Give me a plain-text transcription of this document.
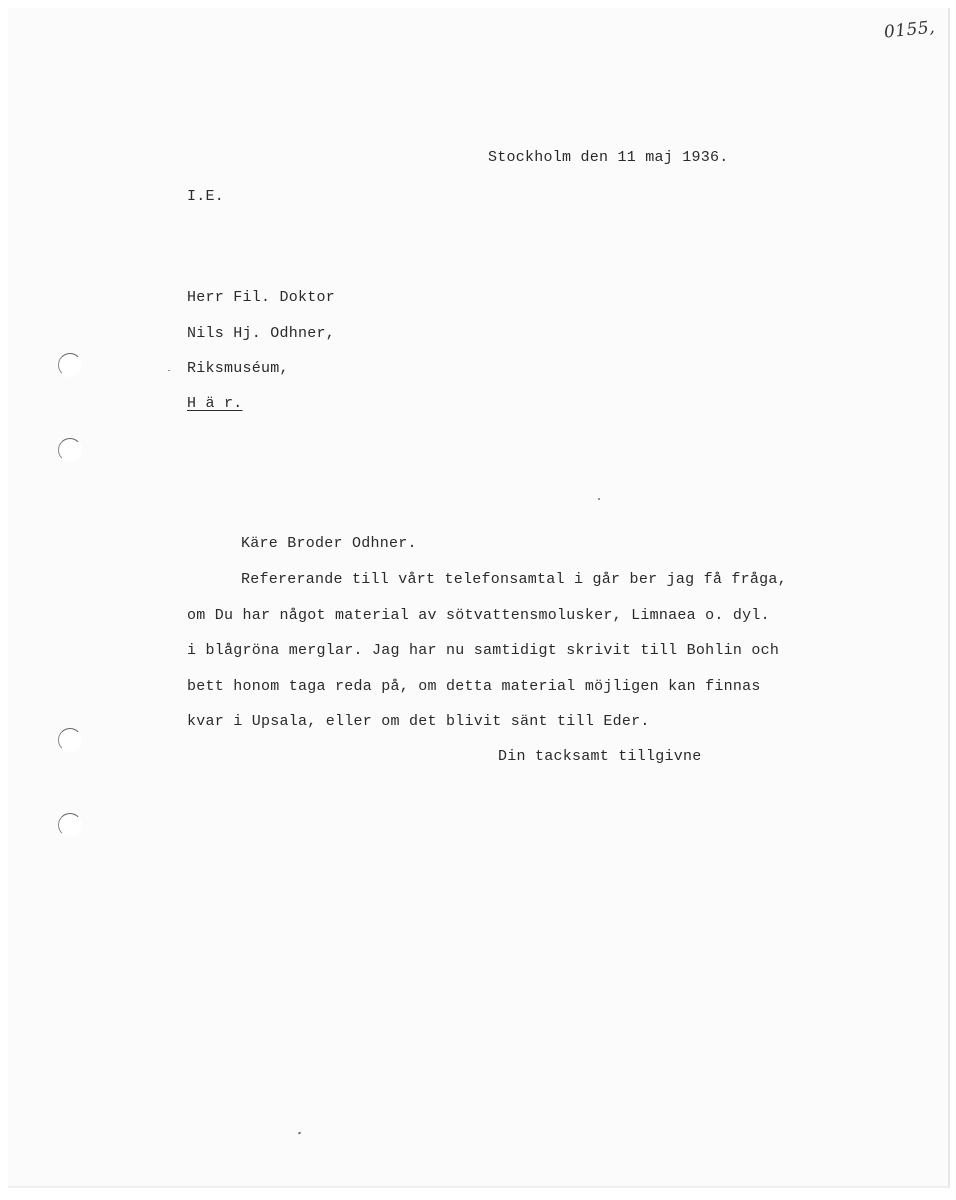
0155,
Stockholm den 11 maj 1936.
I.E.
Herr Fil. Doktor
Nils Hj. Odhner,
Riksmuséum,
H ä r.
Käre Broder Odhner.
Refererande till vårt telefonsamtal i går ber jag få fråga,
om Du har något material av sötvattensmolusker, Limnaea o. dyl.
i blågröna merglar. Jag har nu samtidigt skrivit till Bohlin och
bett honom taga reda på, om detta material möjligen kan finnas
kvar i Upsala, eller om det blivit sänt till Eder.
Din tacksamt tillgivne
